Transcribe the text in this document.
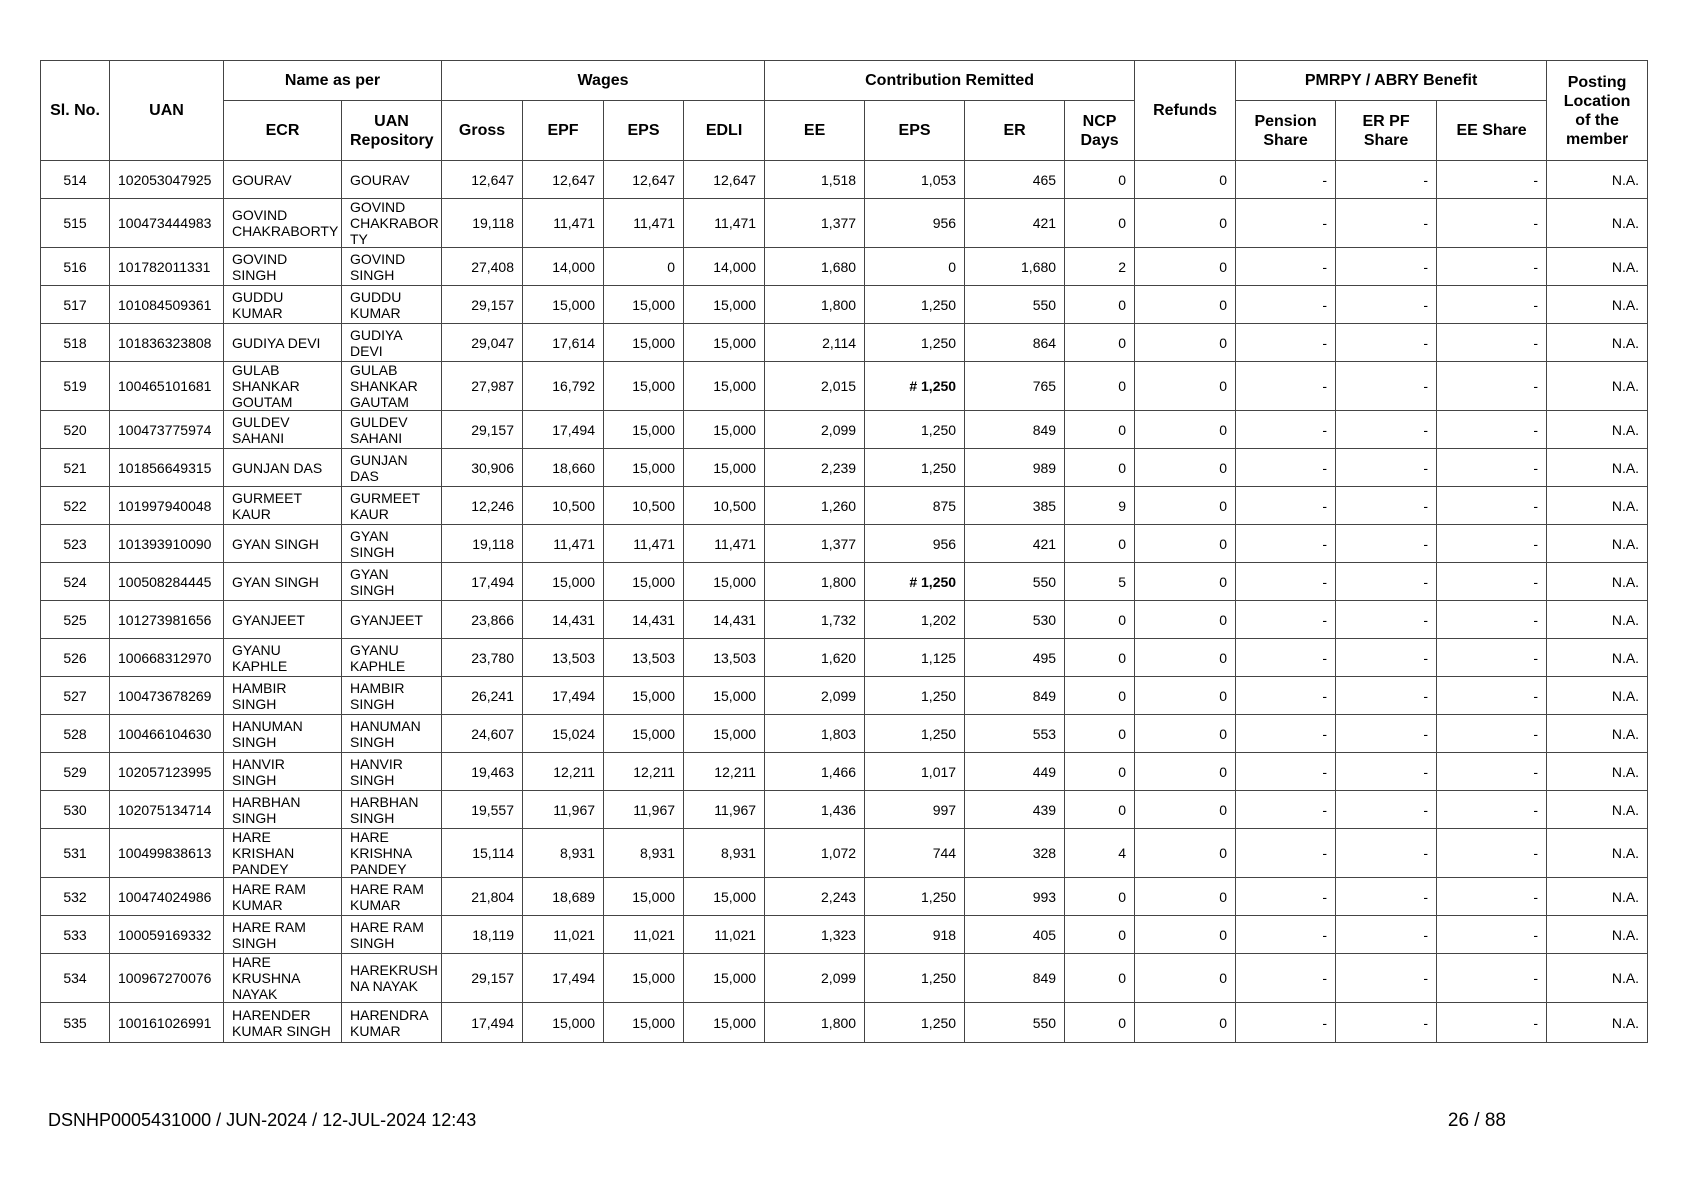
Sl. No.	UAN	Name as per		Wages				Contribution Remitted				Refunds	PMRPY / ABRY Benefit			Posting Location of the member
		ECR	UAN Repository	Gross	EPF	EPS	EDLI	EE	EPS	ER	NCP Days		Pension Share	ER PF Share	EE Share	
514	102053047925	GOURAV	GOURAV	12,647	12,647	12,647	12,647	1,518	1,053	465	0	0	-	-	-	N.A.
515	100473444983	GOVIND CHAKRABORTY	GOVIND CHAKRABOR TY	19,118	11,471	11,471	11,471	1,377	956	421	0	0	-	-	-	N.A.
516	101782011331	GOVIND SINGH	GOVIND SINGH	27,408	14,000	0	14,000	1,680	0	1,680	2	0	-	-	-	N.A.
517	101084509361	GUDDU KUMAR	GUDDU KUMAR	29,157	15,000	15,000	15,000	1,800	1,250	550	0	0	-	-	-	N.A.
518	101836323808	GUDIYA DEVI	GUDIYA DEVI	29,047	17,614	15,000	15,000	2,114	1,250	864	0	0	-	-	-	N.A.
519	100465101681	GULAB SHANKAR GOUTAM	GULAB SHANKAR GAUTAM	27,987	16,792	15,000	15,000	2,015	# 1,250	765	0	0	-	-	-	N.A.
520	100473775974	GULDEV SAHANI	GULDEV SAHANI	29,157	17,494	15,000	15,000	2,099	1,250	849	0	0	-	-	-	N.A.
521	101856649315	GUNJAN DAS	GUNJAN DAS	30,906	18,660	15,000	15,000	2,239	1,250	989	0	0	-	-	-	N.A.
522	101997940048	GURMEET KAUR	GURMEET KAUR	12,246	10,500	10,500	10,500	1,260	875	385	9	0	-	-	-	N.A.
523	101393910090	GYAN SINGH	GYAN SINGH	19,118	11,471	11,471	11,471	1,377	956	421	0	0	-	-	-	N.A.
524	100508284445	GYAN SINGH	GYAN SINGH	17,494	15,000	15,000	15,000	1,800	# 1,250	550	5	0	-	-	-	N.A.
525	101273981656	GYANJEET	GYANJEET	23,866	14,431	14,431	14,431	1,732	1,202	530	0	0	-	-	-	N.A.
526	100668312970	GYANU KAPHLE	GYANU KAPHLE	23,780	13,503	13,503	13,503	1,620	1,125	495	0	0	-	-	-	N.A.
527	100473678269	HAMBIR SINGH	HAMBIR SINGH	26,241	17,494	15,000	15,000	2,099	1,250	849	0	0	-	-	-	N.A.
528	100466104630	HANUMAN SINGH	HANUMAN SINGH	24,607	15,024	15,000	15,000	1,803	1,250	553	0	0	-	-	-	N.A.
529	102057123995	HANVIR SINGH	HANVIR SINGH	19,463	12,211	12,211	12,211	1,466	1,017	449	0	0	-	-	-	N.A.
530	102075134714	HARBHAN SINGH	HARBHAN SINGH	19,557	11,967	11,967	11,967	1,436	997	439	0	0	-	-	-	N.A.
531	100499838613	HARE KRISHAN PANDEY	HARE KRISHNA PANDEY	15,114	8,931	8,931	8,931	1,072	744	328	4	0	-	-	-	N.A.
532	100474024986	HARE RAM KUMAR	HARE RAM KUMAR	21,804	18,689	15,000	15,000	2,243	1,250	993	0	0	-	-	-	N.A.
533	100059169332	HARE RAM SINGH	HARE RAM SINGH	18,119	11,021	11,021	11,021	1,323	918	405	0	0	-	-	-	N.A.
534	100967270076	HARE KRUSHNA NAYAK	HAREKRUSH NA NAYAK	29,157	17,494	15,000	15,000	2,099	1,250	849	0	0	-	-	-	N.A.
535	100161026991	HARENDER KUMAR SINGH	HARENDRA KUMAR	17,494	15,000	15,000	15,000	1,800	1,250	550	0	0	-	-	-	N.A.
DSNHP0005431000 / JUN-2024 / 12-JUL-2024 12:43	26 / 88
